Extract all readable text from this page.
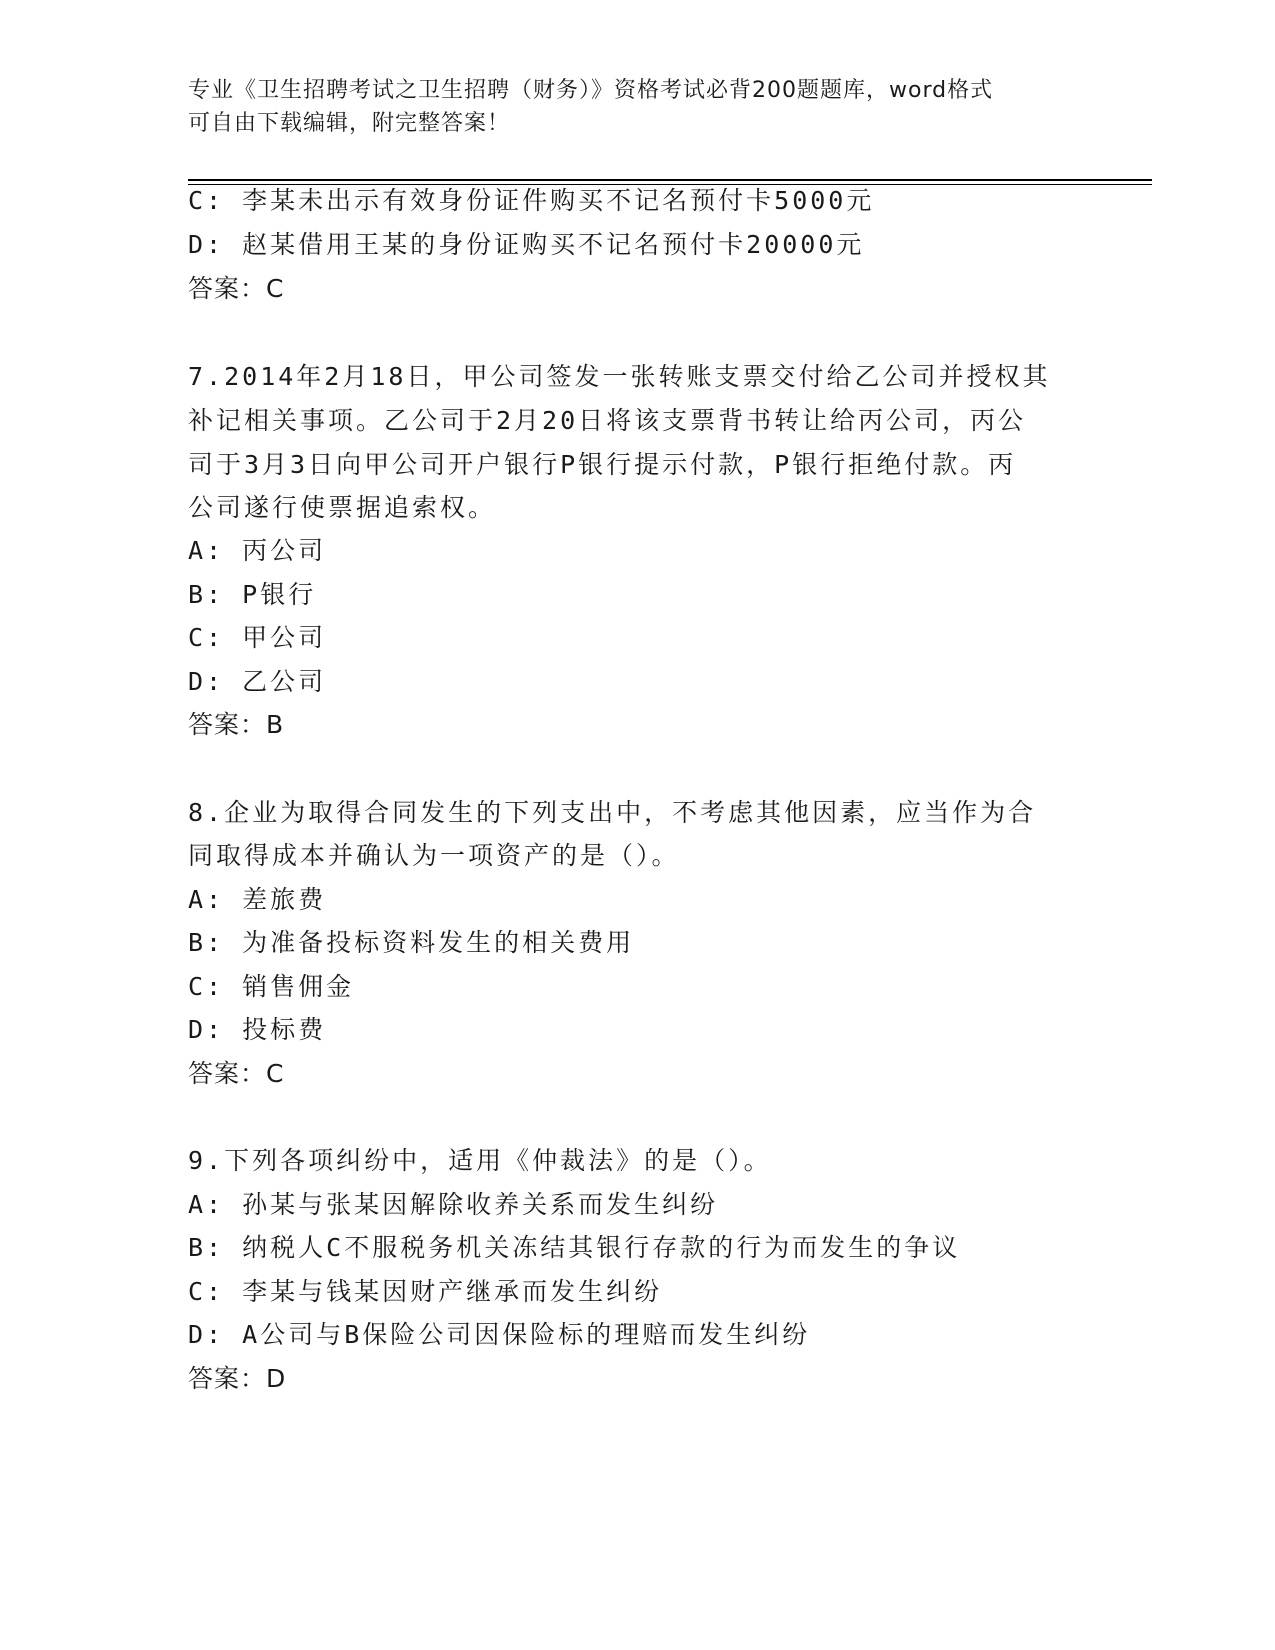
专业《卫生招聘考试之卫生招聘（财务）》资格考试必背200题题库，word格式
可自由下载编辑，附完整答案！
C: 李某未出示有效身份证件购买不记名预付卡5000元
D: 赵某借用王某的身份证购买不记名预付卡20000元
答案：C
7.2014年2月18日，甲公司签发一张转账支票交付给乙公司并授权其
补记相关事项。乙公司于2月20日将该支票背书转让给丙公司，丙公
司于3月3日向甲公司开户银行P银行提示付款，P银行拒绝付款。丙
公司遂行使票据追索权。
A: 丙公司
B: P银行
C: 甲公司
D: 乙公司
答案：B
8.企业为取得合同发生的下列支出中，不考虑其他因素，应当作为合
同取得成本并确认为一项资产的是（）。
A: 差旅费
B: 为准备投标资料发生的相关费用
C: 销售佣金
D: 投标费
答案：C
9.下列各项纠纷中，适用《仲裁法》的是（）。
A: 孙某与张某因解除收养关系而发生纠纷
B: 纳税人C不服税务机关冻结其银行存款的行为而发生的争议
C: 李某与钱某因财产继承而发生纠纷
D: A公司与B保险公司因保险标的理赔而发生纠纷
答案：D
